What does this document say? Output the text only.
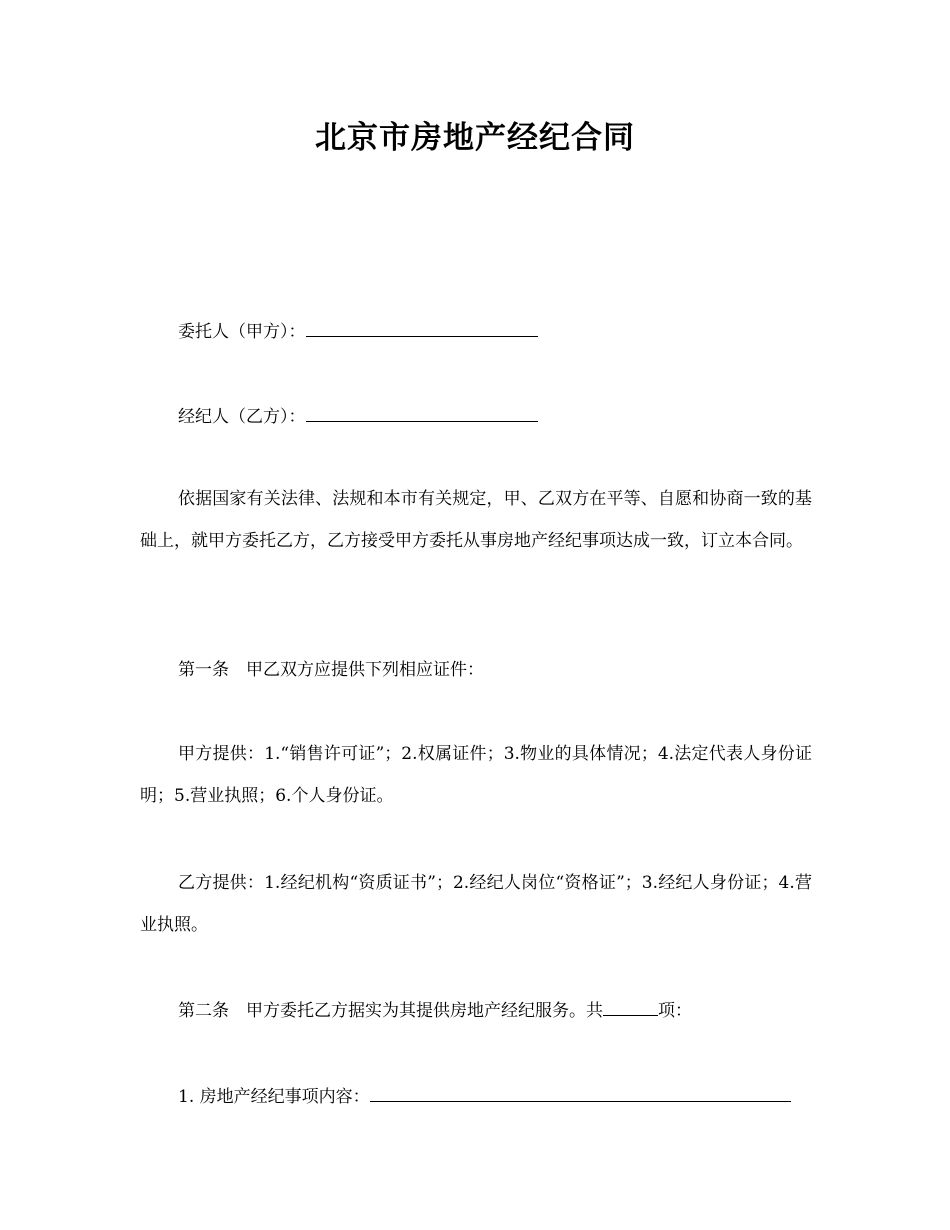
北京市房地产经纪合同
委托人（甲方）：
经纪人（乙方）：
依据国家有关法律、法规和本市有关规定，甲、乙双方在平等、自愿和协商一致的基础上，就甲方委托乙方，乙方接受甲方委托从事房地产经纪事项达成一致，订立本合同。
第一条　甲乙双方应提供下列相应证件：
甲方提供：1.“销售许可证”；2.权属证件；3.物业的具体情况；4.法定代表人身份证明；5.营业执照；6.个人身份证。
乙方提供：1.经纪机构“资质证书”；2.经纪人岗位“资格证”；3.经纪人身份证；4.营业执照。
第二条　甲方委托乙方据实为其提供房地产经纪服务。共	项：
1. 房地产经纪事项内容：
